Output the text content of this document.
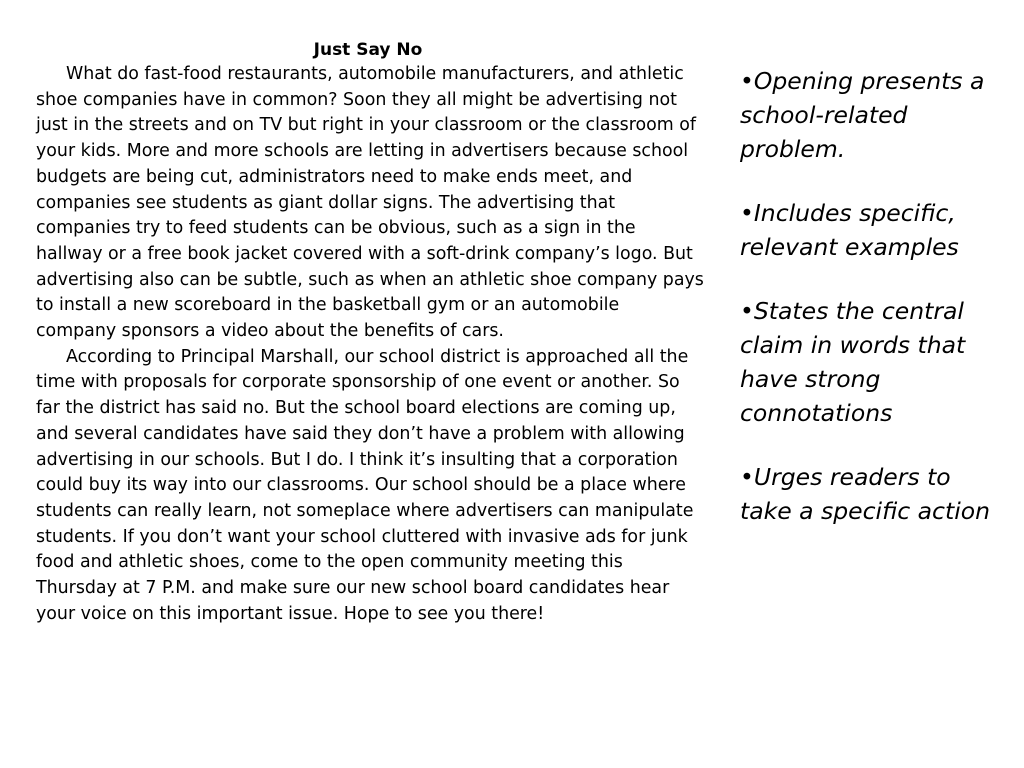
Just Say No

What do fast-food restaurants, automobile manufacturers, and athletic shoe companies have in common? Soon they all might be advertising not just in the streets and on TV but right in your classroom or the classroom of your kids. More and more schools are letting in advertisers because school budgets are being cut, administrators need to make ends meet, and companies see students as giant dollar signs. The advertising that companies try to feed students can be obvious, such as a sign in the hallway or a free book jacket covered with a soft-drink company’s logo. But advertising also can be subtle, such as when an athletic shoe company pays to install a new scoreboard in the basketball gym or an automobile company sponsors a video about the benefits of cars.

According to Principal Marshall, our school district is approached all the time with proposals for corporate sponsorship of one event or another. So far the district has said no. But the school board elections are coming up, and several candidates have said they don’t have a problem with allowing advertising in our schools. But I do. I think it’s insulting that a corporation could buy its way into our classrooms. Our school should be a place where students can really learn, not someplace where advertisers can manipulate students. If you don’t want your school cluttered with invasive ads for junk food and athletic shoes, come to the open community meeting this Thursday at 7 P.M. and make sure our new school board candidates hear your voice on this important issue. Hope to see you there!

•Opening presents a school-related problem.
•Includes specific, relevant examples
•States the central claim in words that have strong connotations
•Urges readers to take a specific action
